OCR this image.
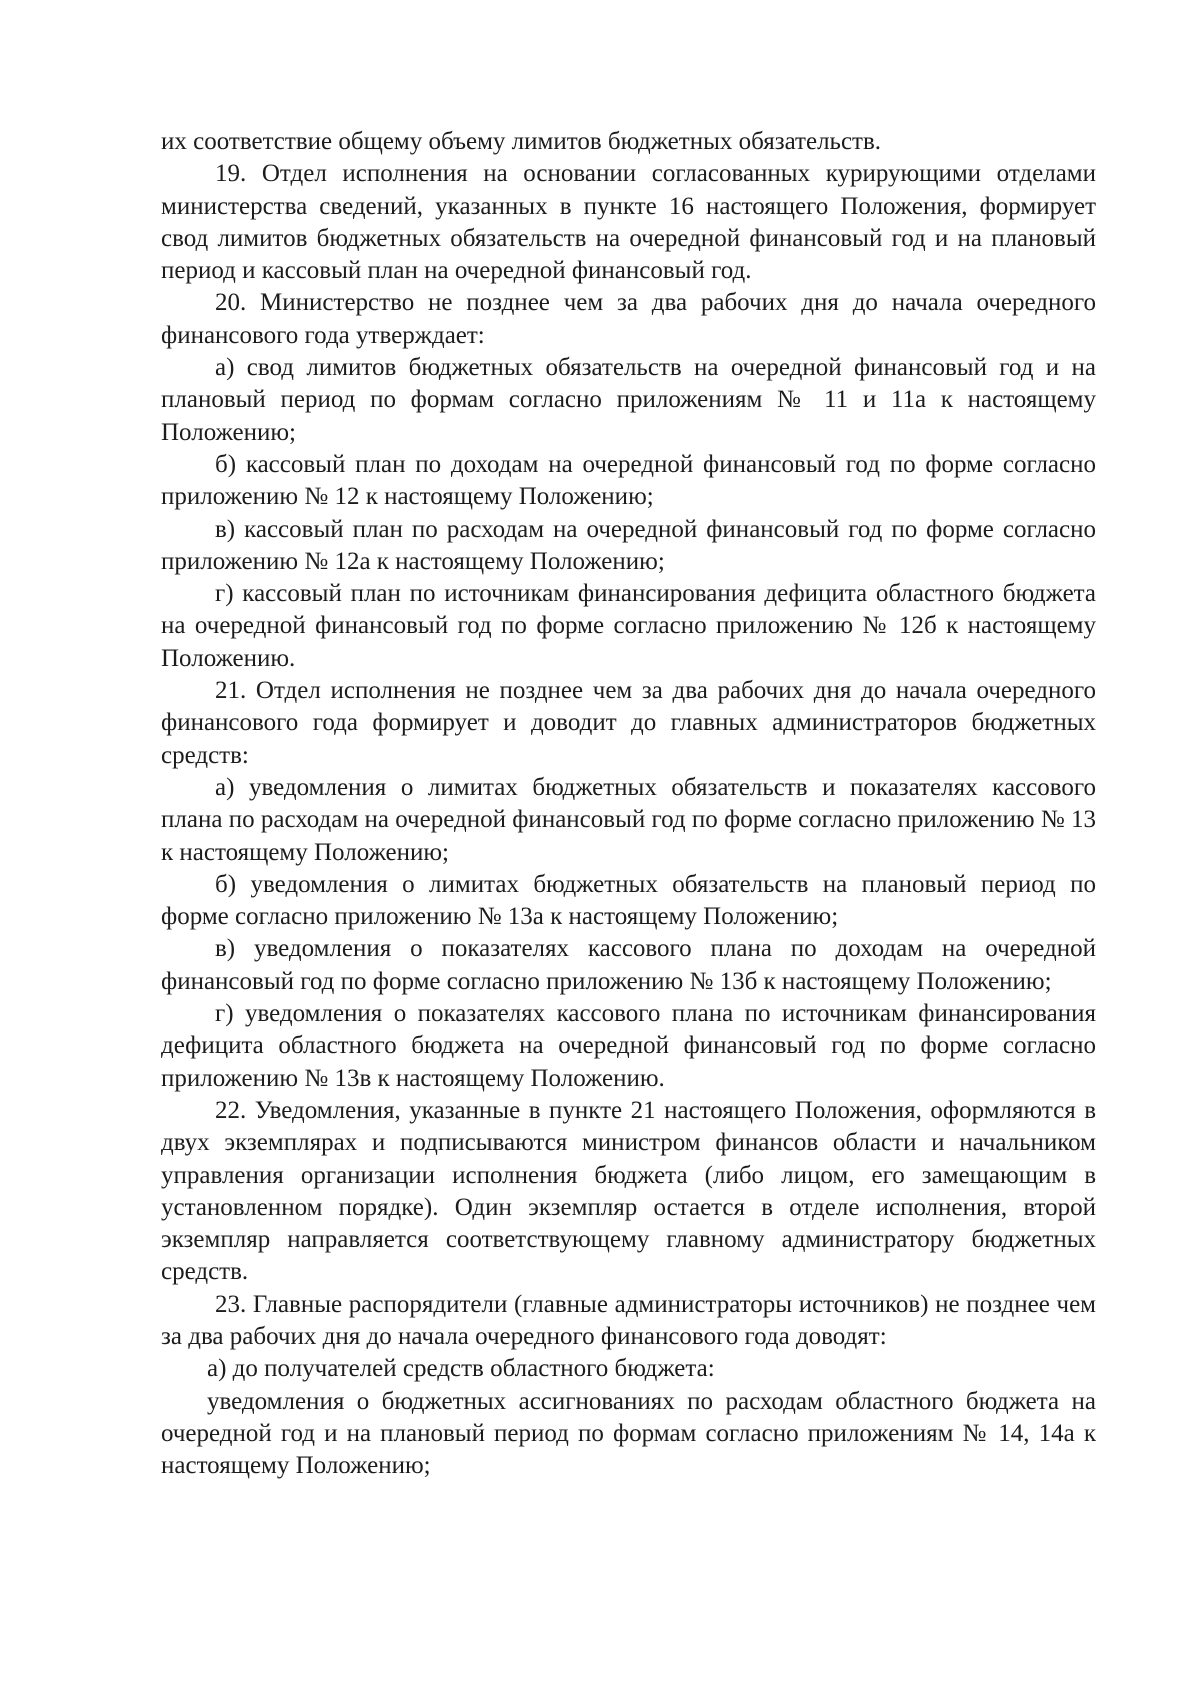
их соответствие общему объему лимитов бюджетных обязательств.

19. Отдел исполнения на основании согласованных курирующими отделами министерства сведений, указанных в пункте 16 настоящего Положения, формирует свод лимитов бюджетных обязательств на очередной финансовый год и на плановый период и кассовый план на очередной финансовый год.

20. Министерство не позднее чем за два рабочих дня до начала очередного финансового года утверждает:

а) свод лимитов бюджетных обязательств на очередной финансовый год и на плановый период по формам согласно приложениям № 11 и 11а к настоящему Положению;

б) кассовый план по доходам на очередной финансовый год по форме согласно приложению № 12 к настоящему Положению;

в) кассовый план по расходам на очередной финансовый год по форме согласно приложению № 12а к настоящему Положению;

г) кассовый план по источникам финансирования дефицита областного бюджета на очередной финансовый год по форме согласно приложению № 12б к настоящему Положению.

21. Отдел исполнения не позднее чем за два рабочих дня до начала очередного финансового года формирует и доводит до главных администраторов бюджетных средств:

а) уведомления о лимитах бюджетных обязательств и показателях кассового плана по расходам на очередной финансовый год по форме согласно приложению № 13 к настоящему Положению;

б) уведомления о лимитах бюджетных обязательств на плановый период по форме согласно приложению № 13а к настоящему Положению;

в) уведомления о показателях кассового плана по доходам на очередной финансовый год по форме согласно приложению № 13б к настоящему Положению;

г) уведомления о показателях кассового плана по источникам финансирования дефицита областного бюджета на очередной финансовый год по форме согласно приложению № 13в к настоящему Положению.

22. Уведомления, указанные в пункте 21 настоящего Положения, оформляются в двух экземплярах и подписываются министром финансов области и начальником управления организации исполнения бюджета (либо лицом, его замещающим в установленном порядке). Один экземпляр остается в отделе исполнения, второй экземпляр направляется соответствующему главному администратору бюджетных средств.

23. Главные распорядители (главные администраторы источников) не позднее чем за два рабочих дня до начала очередного финансового года доводят:

а) до получателей средств областного бюджета:

уведомления о бюджетных ассигнованиях по расходам областного бюджета на очередной год и на плановый период по формам согласно приложениям № 14, 14а к настоящему Положению;
